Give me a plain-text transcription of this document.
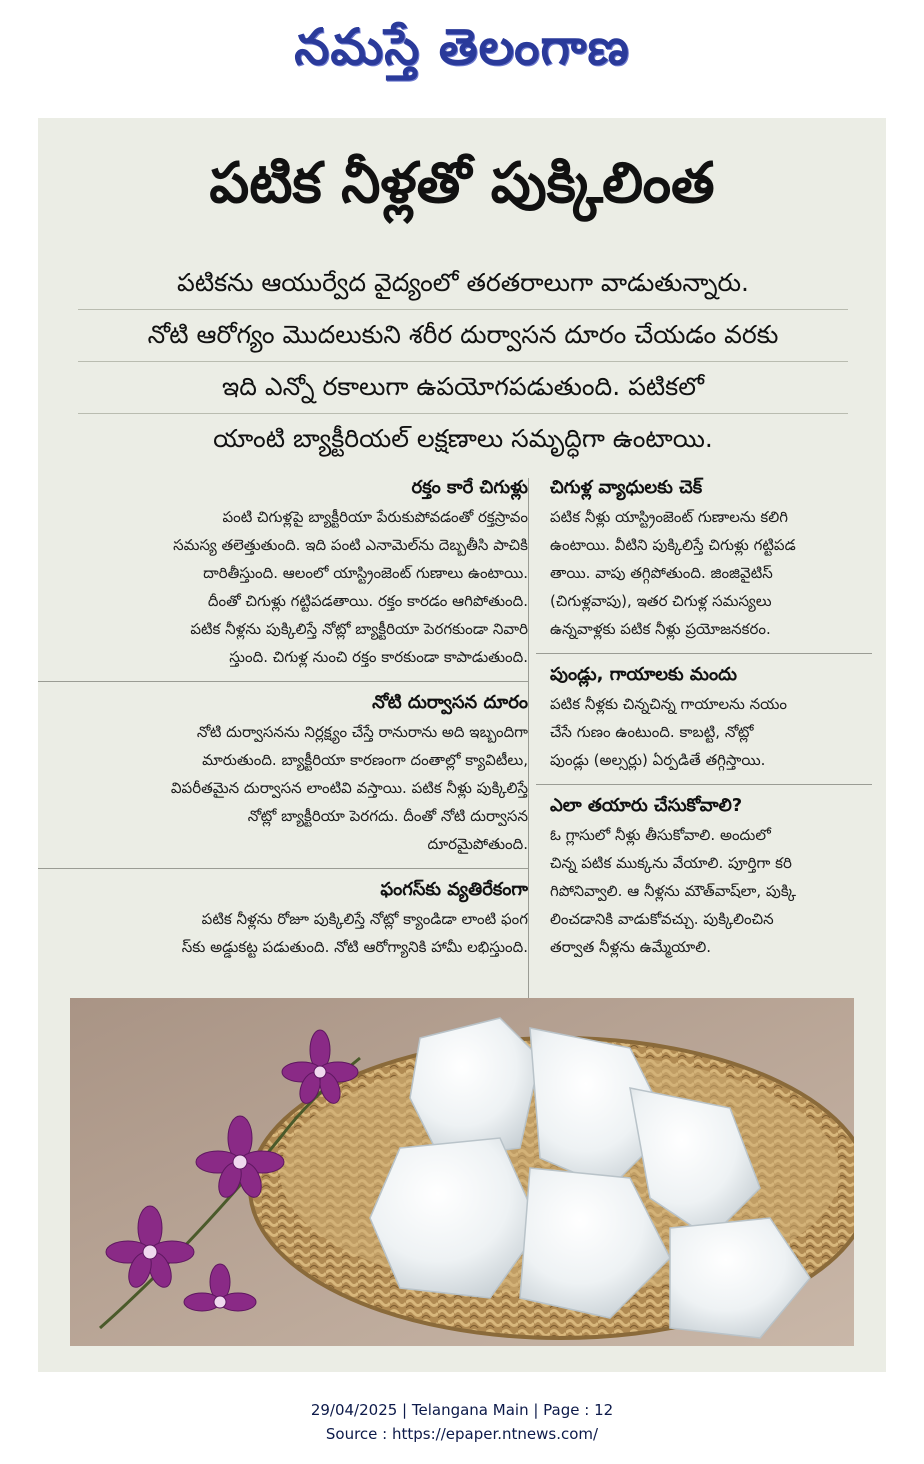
నమస్తే తెలంగాణ
పటిక నీళ్లతో పుక్కిలింత
పటికను ఆయుర్వేద వైద్యంలో తరతరాలుగా వాడుతున్నారు.
నోటి ఆరోగ్యం మొదలుకుని శరీర దుర్వాసన దూరం చేయడం వరకు
ఇది ఎన్నో రకాలుగా ఉపయోగపడుతుంది. పటికలో
యాంటి బ్యాక్టీరియల్ లక్షణాలు సమృద్ధిగా ఉంటాయి.
రక్తం కారే చిగుళ్లు
పంటి చిగుళ్లపై బ్యాక్టీరియా పేరుకుపోవడంతో రక్తస్రావం
సమస్య తలెత్తుతుంది. ఇది పంటి ఎనామెల్‌ను దెబ్బతీసి పాచికి
దారితీస్తుంది. ఆలంలో యాస్ట్రింజెంట్ గుణాలు ఉంటాయి.
దీంతో చిగుళ్లు గట్టిపడతాయి. రక్తం కారడం ఆగిపోతుంది.
పటిక నీళ్లను పుక్కిలిస్తే నోట్లో బ్యాక్టీరియా పెరగకుండా నివారి
స్తుంది. చిగుళ్ల నుంచి రక్తం కారకుండా కాపాడుతుంది.
నోటి దుర్వాసన దూరం
నోటి దుర్వాసనను నిర్లక్ష్యం చేస్తే రానురాను అది ఇబ్బందిగా
మారుతుంది. బ్యాక్టీరియా కారణంగా దంతాల్లో క్యావిటీలు,
విపరీతమైన దుర్వాసన లాంటివి వస్తాయి. పటిక నీళ్లు పుక్కిలిస్తే
నోట్లో బ్యాక్టీరియా పెరగదు. దీంతో నోటి దుర్వాసన
దూరమైపోతుంది.
ఫంగస్‌కు వ్యతిరేకంగా
పటిక నీళ్లను రోజూ పుక్కిలిస్తే నోట్లో క్యాండిడా లాంటి ఫంగ
స్‌కు అడ్డుకట్ట పడుతుంది. నోటి ఆరోగ్యానికి హామీ లభిస్తుంది.
చిగుళ్ల వ్యాధులకు చెక్
పటిక నీళ్లు యాస్ట్రింజెంట్ గుణాలను కలిగి
ఉంటాయి. వీటిని పుక్కిలిస్తే చిగుళ్లు గట్టిపడ
తాయి. వాపు తగ్గిపోతుంది. జింజివైటిస్
(చిగుళ్లవాపు), ఇతర చిగుళ్ల సమస్యలు
ఉన్నవాళ్లకు పటిక నీళ్లు ప్రయోజనకరం.
పుండ్లు, గాయాలకు మందు
పటిక నీళ్లకు చిన్నచిన్న గాయాలను నయం
చేసే గుణం ఉంటుంది. కాబట్టి, నోట్లో
పుండ్లు (అల్సర్లు) ఏర్పడితే తగ్గిస్తాయి.
ఎలా తయారు చేసుకోవాలి?
ఓ గ్లాసులో నీళ్లు తీసుకోవాలి. అందులో
చిన్న పటిక ముక్కను వేయాలి. పూర్తిగా కరి
గిపోనివ్వాలి. ఆ నీళ్లను మౌత్‌వాష్‌లా, పుక్కి
లించడానికి వాడుకోవచ్చు. పుక్కిలించిన
తర్వాత నీళ్లను ఉమ్మేయాలి.
29/04/2025 | Telangana Main | Page : 12
Source : https://epaper.ntnews.com/
